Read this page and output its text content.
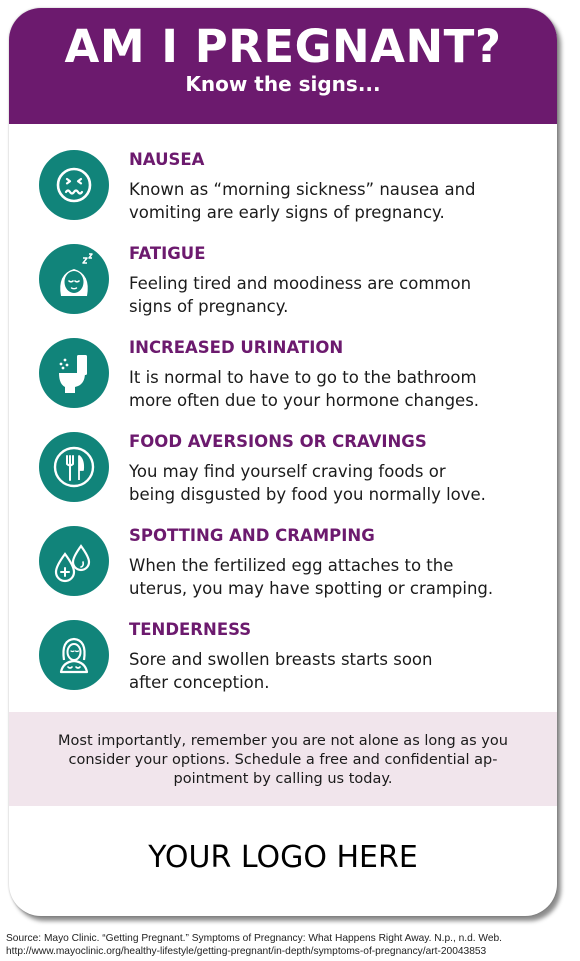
AM I PREGNANT?
Know the signs...
NAUSEA
Known as “morning sickness” nausea and
vomiting are early signs of pregnancy.
FATIGUE
Feeling tired and moodiness are common
signs of pregnancy.
INCREASED URINATION
It is normal to have to go to the bathroom
more often due to your hormone changes.
FOOD AVERSIONS OR CRAVINGS
You may find yourself craving foods or
being disgusted by food you normally love.
SPOTTING AND CRAMPING
When the fertilized egg attaches to the
uterus, you may have spotting or cramping.
TENDERNESS
Sore and swollen breasts starts soon
after conception.
Most importantly, remember you are not alone as long as you
consider your options. Schedule a free and confidential ap-
pointment by calling us today.
YOUR LOGO HERE
Source: Mayo Clinic. “Getting Pregnant.” Symptoms of Pregnancy: What Happens Right Away. N.p., n.d. Web.
http://www.mayoclinic.org/healthy-lifestyle/getting-pregnant/in-depth/symptoms-of-pregnancy/art-20043853
